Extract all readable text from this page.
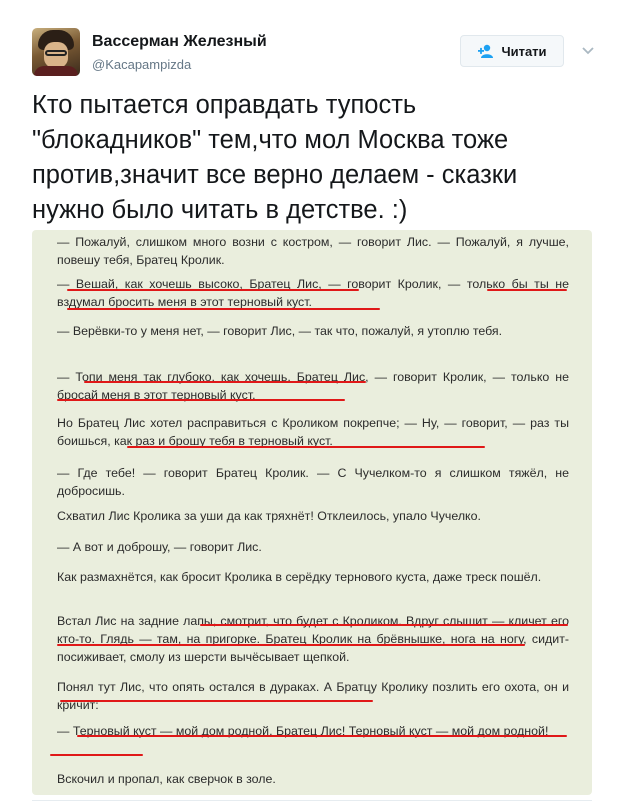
Вассерман Железный
@Kacapampizda
Читати
Кто пытается оправдать тупость "блокадников" тем,что мол Москва тоже против,значит все верно делаем - сказки нужно было читать в детстве. :)
— Пожалуй, слишком много возни с костром, — говорит Лис. — Пожалуй, я лучше, повешу тебя, Братец Кролик.
— Вешай, как хочешь высоко, Братец Лис, — говорит Кролик, — только бы ты не вздумал бросить меня в этот терновый куст.
— Верёвки-то у меня нет, — говорит Лис, — так что, пожалуй, я утоплю тебя.
— Топи меня так глубоко, как хочешь, Братец Лис, — говорит Кролик, — только не бросай меня в этот терновый куст.
Но Братец Лис хотел расправиться с Кроликом покрепче; — Ну, — говорит, — раз ты боишься, как раз и брошу тебя в терновый куст.
— Где тебе! — говорит Братец Кролик. — С Чучелком-то я слишком тяжёл, не добросишь.
Схватил Лис Кролика за уши да как тряхнёт! Отклеилось, упало Чучелко.
— А вот и доброшу, — говорит Лис.
Как размахнётся, как бросит Кролика в серёдку тернового куста, даже треск пошёл.
Встал Лис на задние лапы, смотрит, что будет с Кроликом. Вдруг слышит — кличет его кто-то. Глядь — там, на пригорке. Братец Кролик на брёвнышке, нога на ногу, сидит-посиживает, смолу из шерсти вычёсывает щепкой.
Понял тут Лис, что опять остался в дураках. А Братцу Кролику позлить его охота, он и кричит:
— Терновый куст — мой дом родной, Братец Лис! Терновый куст — мой дом родной!
Вскочил и пропал, как сверчок в золе.
